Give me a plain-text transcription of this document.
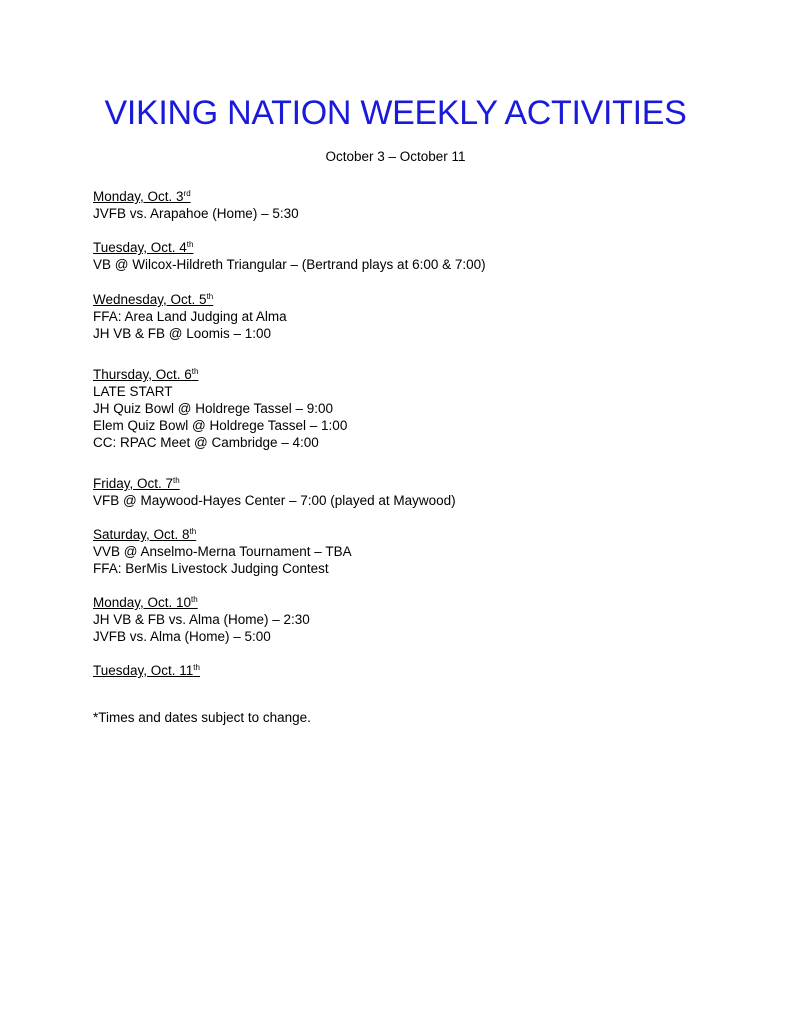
VIKING NATION WEEKLY ACTIVITIES
October 3 – October 11
Monday, Oct. 3rd
JVFB vs. Arapahoe (Home) – 5:30
Tuesday, Oct. 4th
VB @ Wilcox-Hildreth Triangular – (Bertrand plays at 6:00 & 7:00)
Wednesday, Oct. 5th
FFA: Area Land Judging at Alma
JH VB & FB @ Loomis – 1:00
Thursday, Oct. 6th
LATE START
JH Quiz Bowl @ Holdrege Tassel – 9:00
Elem Quiz Bowl @ Holdrege Tassel – 1:00
CC: RPAC Meet @ Cambridge – 4:00
Friday, Oct. 7th
VFB @ Maywood-Hayes Center – 7:00 (played at Maywood)
Saturday, Oct. 8th
VVB @ Anselmo-Merna Tournament – TBA
FFA: BerMis Livestock Judging Contest
Monday, Oct. 10th
JH VB & FB vs. Alma (Home) – 2:30
JVFB vs. Alma (Home) – 5:00
Tuesday, Oct. 11th
*Times and dates subject to change.
